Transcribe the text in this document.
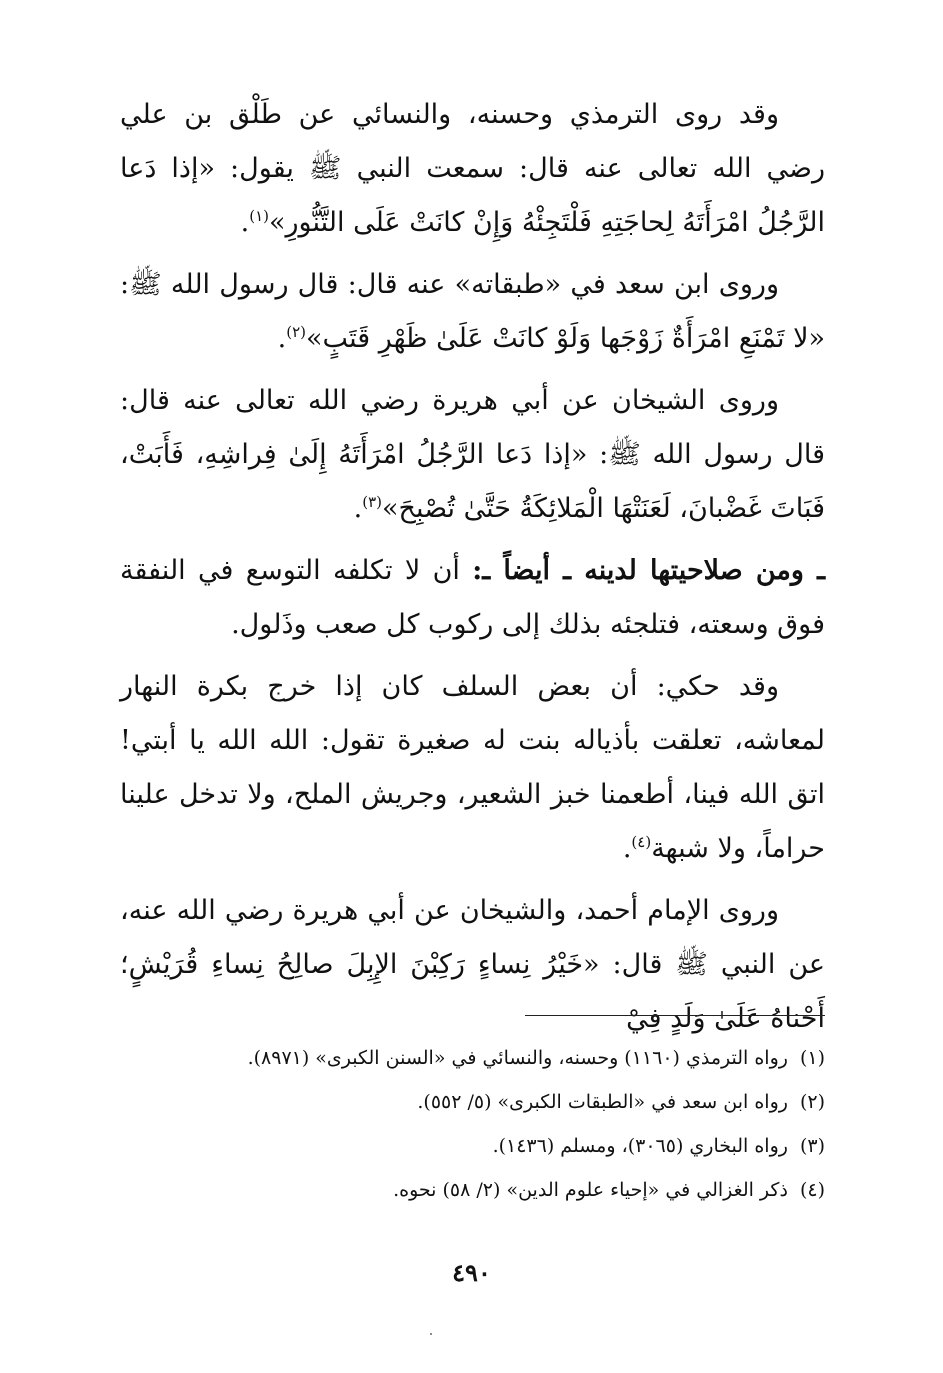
وقد روى الترمذي وحسنه، والنسائي عن طَلْق بن علي رضي الله تعالى عنه قال: سمعت النبي ﷺ يقول: «إذا دَعا الرَّجُلُ امْرَأَتَهُ لِحاجَتِهِ فَلْتَجِئْهُ وَإِنْ كانَتْ عَلَى التَّنُّورِ»$^{(١)}$.

وروى ابن سعد في «طبقاته» عنه قال: قال رسول الله ﷺ: «لا تَمْنَعِ امْرَأَةٌ زَوْجَها وَلَوْ كانَتْ عَلَىٰ ظَهْرِ قَتَبٍ»$^{(٢)}$.

وروى الشيخان عن أبي هريرة رضي الله تعالى عنه قال: قال رسول الله ﷺ: «إذا دَعا الرَّجُلُ امْرَأَتَهُ إِلَىٰ فِراشِهِ، فَأَبَتْ، فَبَاتَ غَضْبانَ، لَعَنَتْهَا الْمَلائِكَةُ حَتَّىٰ تُصْبِحَ»$^{(٣)}$.

ـ ومن صلاحيتها لدينه ـ أيضاً ـ: أن لا تكلفه التوسع في النفقة فوق وسعته، فتلجئه بذلك إلى ركوب كل صعب وذَلول.

وقد حكي: أن بعض السلف كان إذا خرج بكرة النهار لمعاشه، تعلقت بأذياله بنت له صغيرة تقول: الله الله يا أبتي! اتق الله فينا، أطعمنا خبز الشعير، وجريش الملح، ولا تدخل علينا حراماً، ولا شبهة$^{(٤)}$.

وروى الإمام أحمد، والشيخان عن أبي هريرة رضي الله عنه، عن النبي ﷺ قال: «خَيْرُ نِساءٍ رَكِبْنَ الإِبِلَ صالِحُ نِساءِ قُرَيْشٍ؛ أَحْناهُ عَلَىٰ وَلَدٍ فِيْ

(١)رواه الترمذي (١١٦٠) وحسنه، والنسائي في «السنن الكبرى» (٨٩٧١).
(٢)رواه ابن سعد في «الطبقات الكبرى» (٥/ ٥٥٢).
(٣)رواه البخاري (٣٠٦٥)، ومسلم (١٤٣٦).
(٤)ذكر الغزالي في «إحياء علوم الدين» (٢/ ٥٨) نحوه.
٤٩٠
